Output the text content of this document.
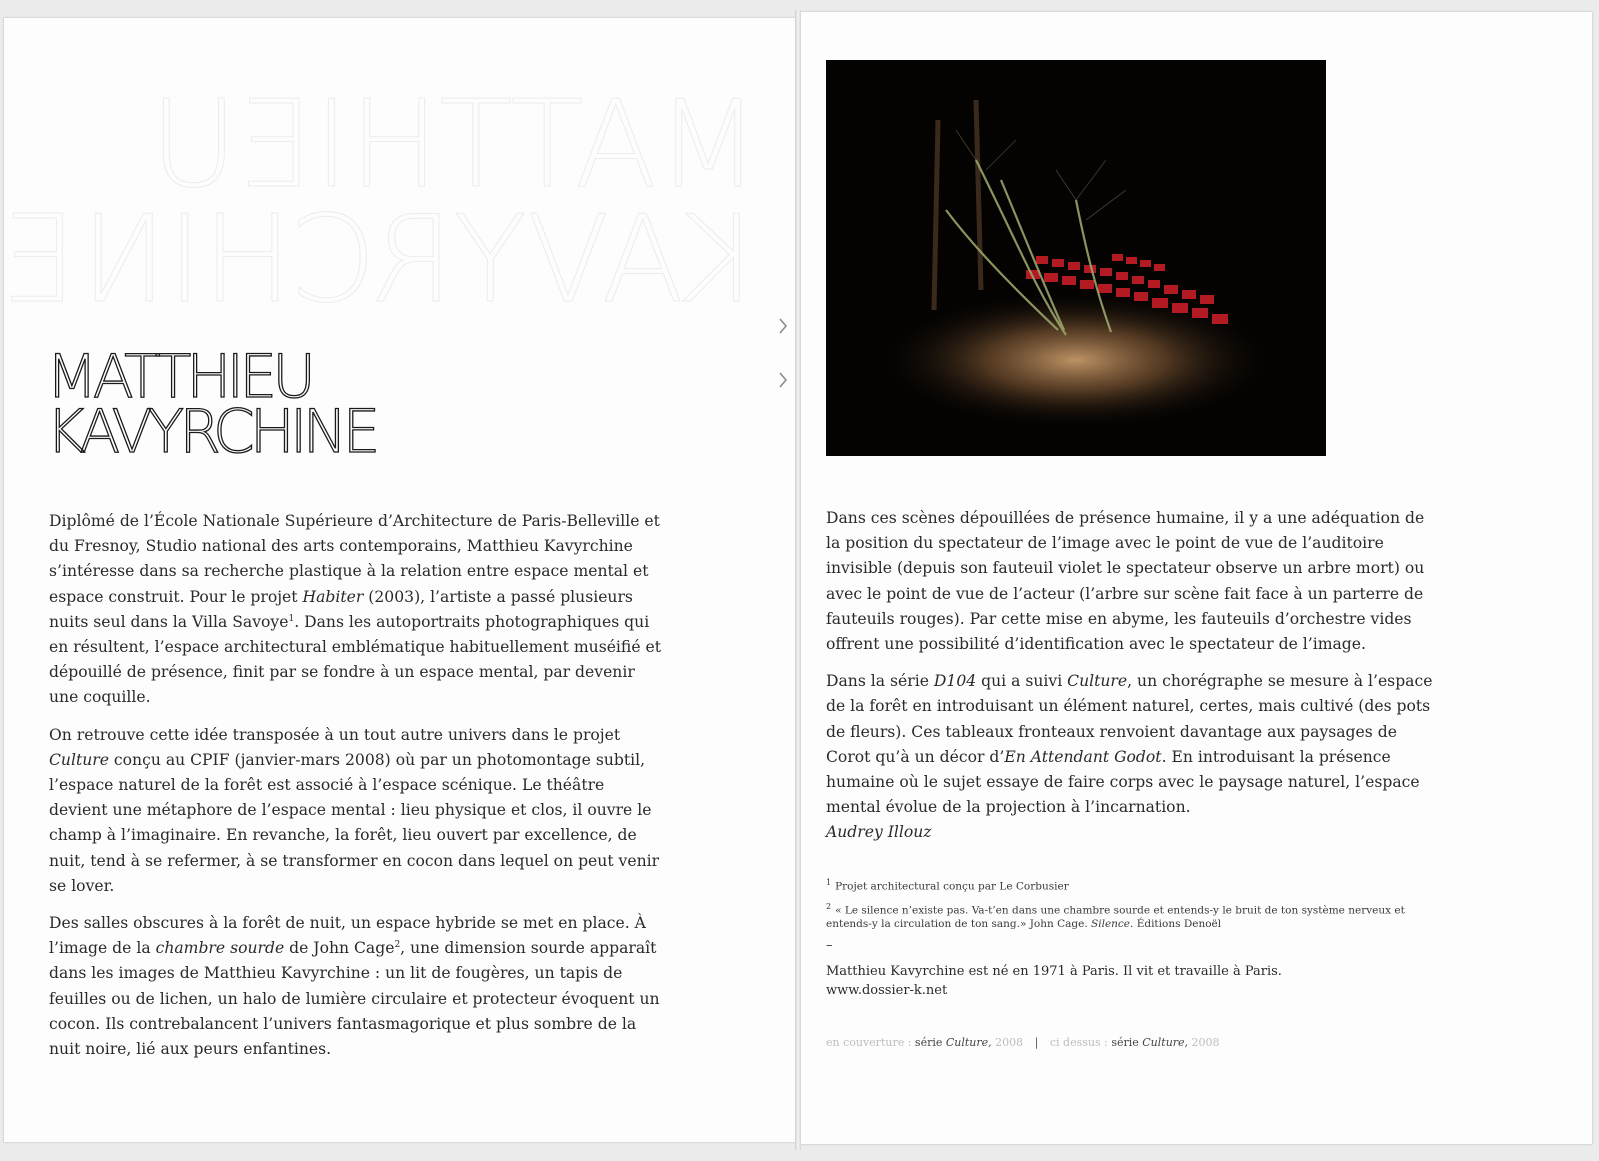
MATTHIEU
KAVYRCHINE
MATTHIEU
KAVYRCHINE

Diplômé de l’École Nationale Supérieure d’Architecture de Paris-Belleville et du Fresnoy, Studio national des arts contemporains, Matthieu Kavyrchine s’intéresse dans sa recherche plastique à la relation entre espace mental et espace construit. Pour le projet Habiter (2003), l’artiste a passé plusieurs nuits seul dans la Villa Savoye$^1$. Dans les autoportraits photographiques qui en résultent, l’espace architectural emblématique habituellement muséifié et dépouillé de présence, finit par se fondre à un espace mental, par devenir une coquille.

On retrouve cette idée transposée à un tout autre univers dans le projet Culture conçu au CPIF (janvier-mars 2008) où par un photomontage subtil, l’espace naturel de la forêt est associé à l’espace scénique. Le théâtre devient une métaphore de l’espace mental : lieu physique et clos, il ouvre le champ à l’imaginaire. En revanche, la forêt, lieu ouvert par excellence, de nuit, tend à se refermer, à se transformer en cocon dans lequel on peut venir se lover.

Des salles obscures à la forêt de nuit, un espace hybride se met en place. À l’image de la chambre sourde de John Cage$^2$, une dimension sourde apparaît dans les images de Matthieu Kavyrchine : un lit de fougères, un tapis de feuilles ou de lichen, un halo de lumière circulaire et protecteur évoquent un cocon. Ils contrebalancent l’univers fantasmagorique et plus sombre de la nuit noire, lié aux peurs enfantines.

Dans ces scènes dépouillées de présence humaine, il y a une adéquation de la position du spectateur de l’image avec le point de vue de l’auditoire invisible (depuis son fauteuil violet le spectateur observe un arbre mort) ou avec le point de vue de l’acteur (l’arbre sur scène fait face à un parterre de fauteuils rouges). Par cette mise en abyme, les fauteuils d’orchestre vides offrent une possibilité d’identification avec le spectateur de l’image.

Dans la série D104 qui a suivi Culture, un chorégraphe se mesure à l’espace de la forêt en introduisant un élément naturel, certes, mais cultivé (des pots de fleurs). Ces tableaux fronteaux renvoient davantage aux paysages de Corot qu’à un décor d’En Attendant Godot. En introduisant la présence humaine où le sujet essaye de faire corps avec le paysage naturel, l’espace mental évolue de la projection à l’incarnation.

Audrey Illouz

$^1$ Projet architectural conçu par Le Corbusier
$^2$ « Le silence n’existe pas. Va-t’en dans une chambre sourde et entends-y le bruit de ton système nerveux et entends-y la circulation de ton sang.» John Cage. Silence. Éditions Denoël
–
Matthieu Kavyrchine est né en 1971 à Paris. Il vit et travaille à Paris.
www.dossier-k.net
en couverture : série Culture, 2008 | ci dessus : série Culture, 2008
